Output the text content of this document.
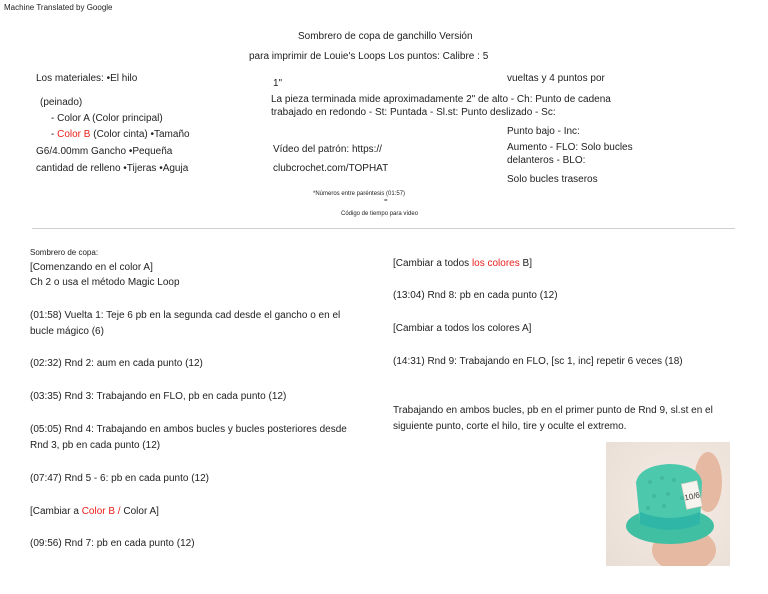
Machine Translated by Google
Sombrero de copa de ganchillo Versión
para imprimir de Louie's Loops Los puntos: Calibre : 5
Los materiales: •El hilo
(peinado)
- Color A (Color principal)
- Color B (Color cinta) •Tamaño
G6/4.00mm Gancho •Pequeña
cantidad de relleno •Tijeras •Aguja
1"
La pieza terminada mide aproximadamente 2" de alto - Ch: Punto de cadena
trabajado en redondo - St: Puntada - Sl.st: Punto deslizado - Sc:
Vídeo del patrón: https://
clubcrochet.com/TOPHAT
vueltas y 4 puntos por
Punto bajo - Inc:
Aumento - FLO: Solo bucles
delanteros - BLO:
Solo bucles traseros
*Números entre paréntesis (01:57)
=
Código de tiempo para vídeo
Sombrero de copa:
[Comenzando en el color A]
Ch 2 o usa el método Magic Loop
(01:58) Vuelta 1: Teje 6 pb en la segunda cad desde el gancho o en el
bucle mágico (6)
(02:32) Rnd 2: aum en cada punto (12)
(03:35) Rnd 3: Trabajando en FLO, pb en cada punto (12)
(05:05) Rnd 4: Trabajando en ambos bucles y bucles posteriores desde
Rnd 3, pb en cada punto (12)
(07:47) Rnd 5 - 6: pb en cada punto (12)
[Cambiar a Color B / Color A]
(09:56) Rnd 7: pb en cada punto (12)
[Cambiar a todos los colores B]
(13:04) Rnd 8: pb en cada punto (12)
[Cambiar a todos los colores A]
(14:31) Rnd 9: Trabajando en FLO, [sc 1, inc] repetir 6 veces (18)
Trabajando en ambos bucles, pb en el primer punto de Rnd 9, sl.st en el
siguiente punto, corte el hilo, tire y oculte el extremo.
10/6
